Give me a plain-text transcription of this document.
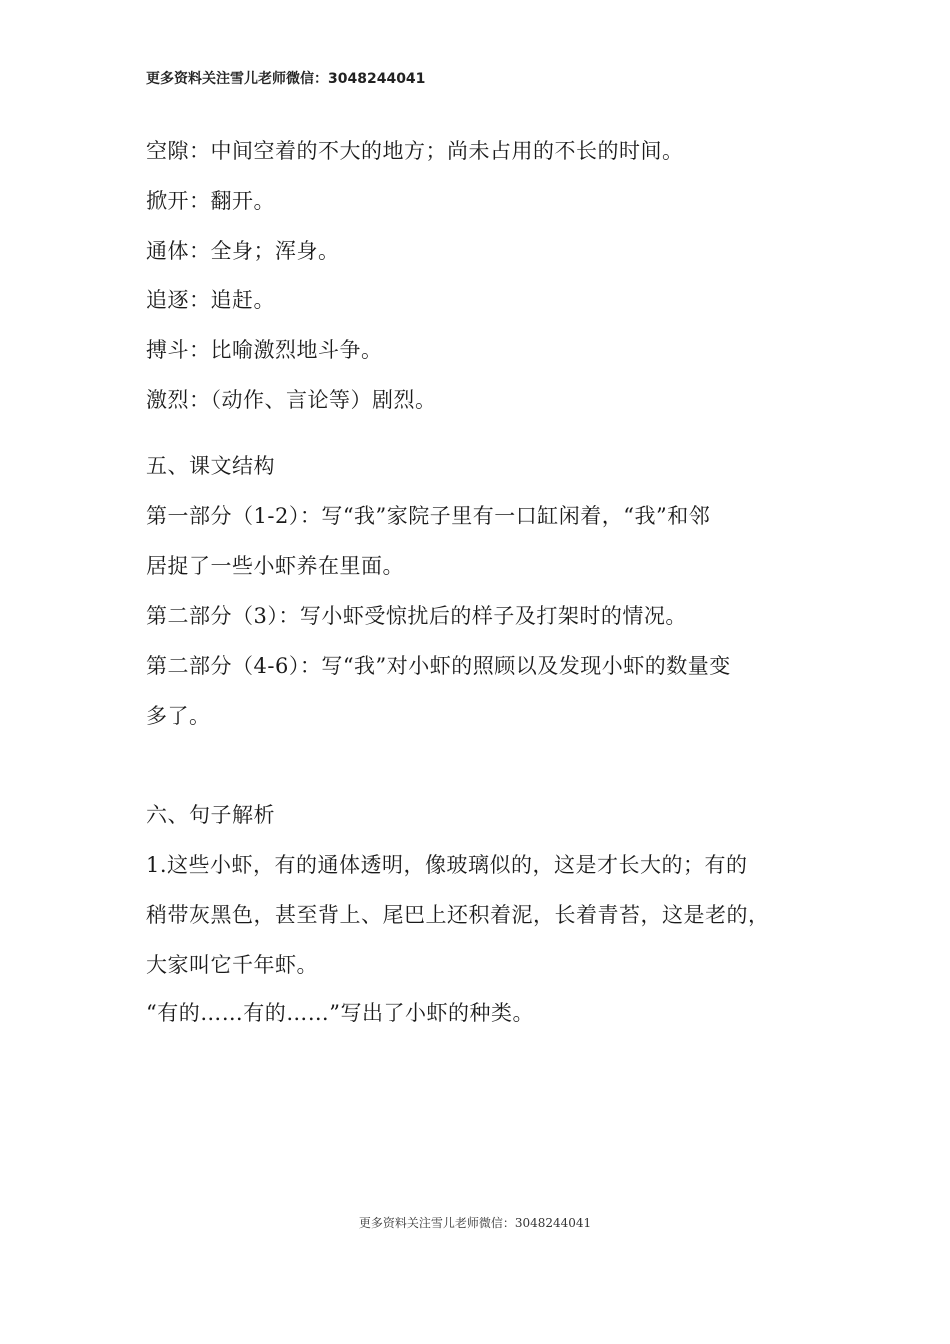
更多资料关注雪儿老师微信：3048244041
空隙：中间空着的不大的地方；尚未占用的不长的时间。
掀开：翻开。
通体：全身；浑身。
追逐：追赶。
搏斗：比喻激烈地斗争。
激烈：（动作、言论等）剧烈。
五、课文结构
第一部分（1-2）：写“我”家院子里有一口缸闲着，“我”和邻
居捉了一些小虾养在里面。
第二部分（3）：写小虾受惊扰后的样子及打架时的情况。
第二部分（4-6）：写“我”对小虾的照顾以及发现小虾的数量变
多了。
六、句子解析
1.这些小虾，有的通体透明，像玻璃似的，这是才长大的；有的
稍带灰黑色，甚至背上、尾巴上还积着泥，长着青苔，这是老的，
大家叫它千年虾。
“有的……有的……”写出了小虾的种类。
更多资料关注雪儿老师微信：3048244041
